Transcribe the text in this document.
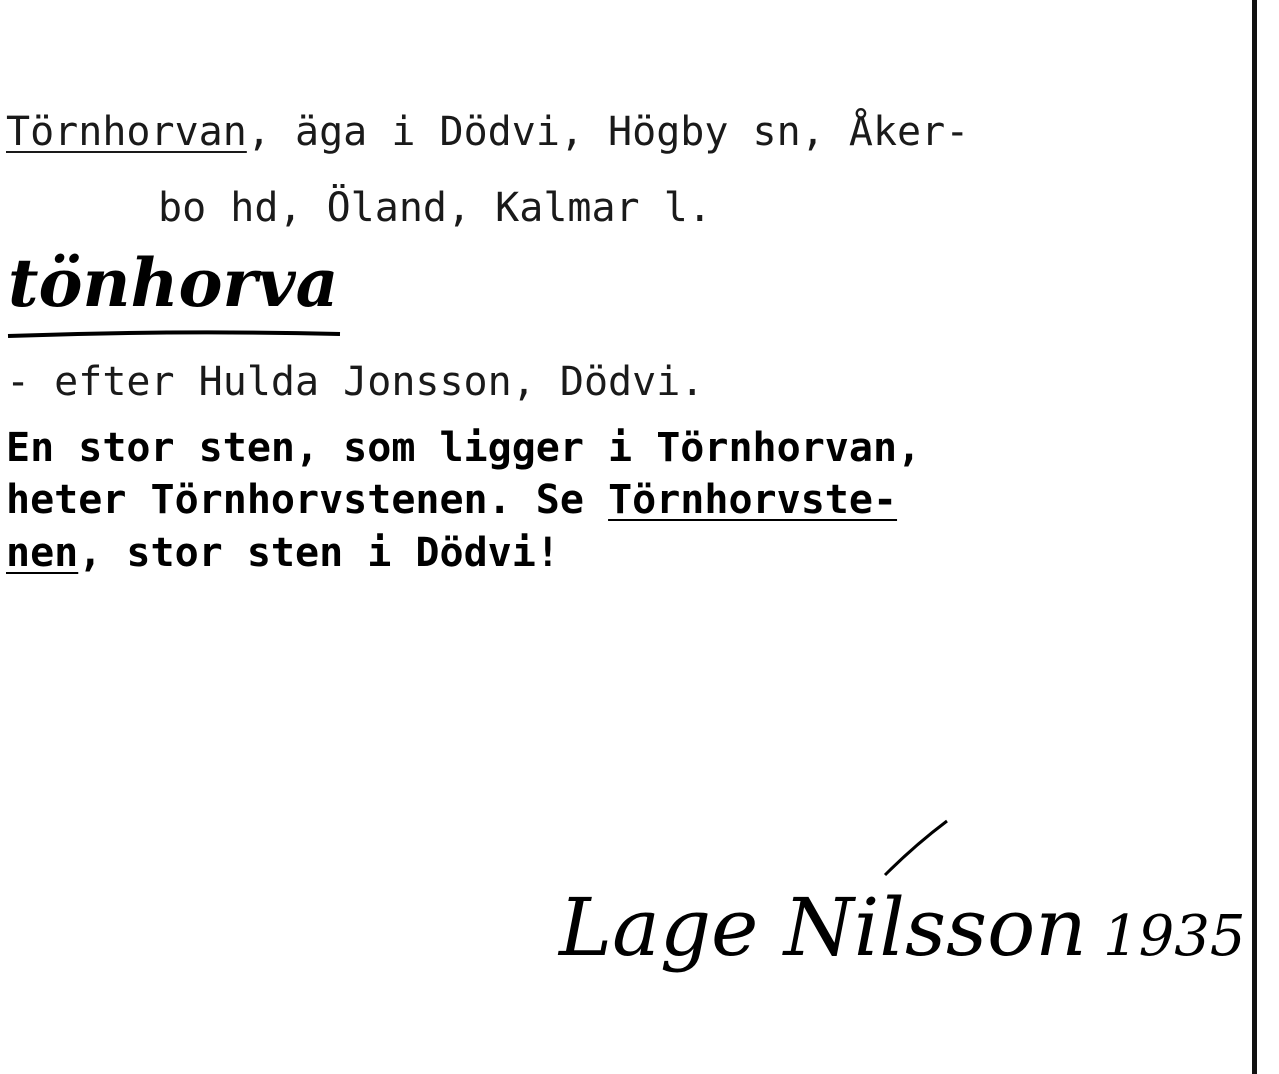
Törnhorvan, äga i Dödvi, Högby sn, Åker-
bo hd, Öland, Kalmar l.
tönhorva
- efter Hulda Jonsson, Dödvi.
En stor sten, som ligger i Törnhorvan,
heter Törnhorvstenen. Se Törnhorvste-
nen, stor sten i Dödvi!
Lage Nilsson 1935
